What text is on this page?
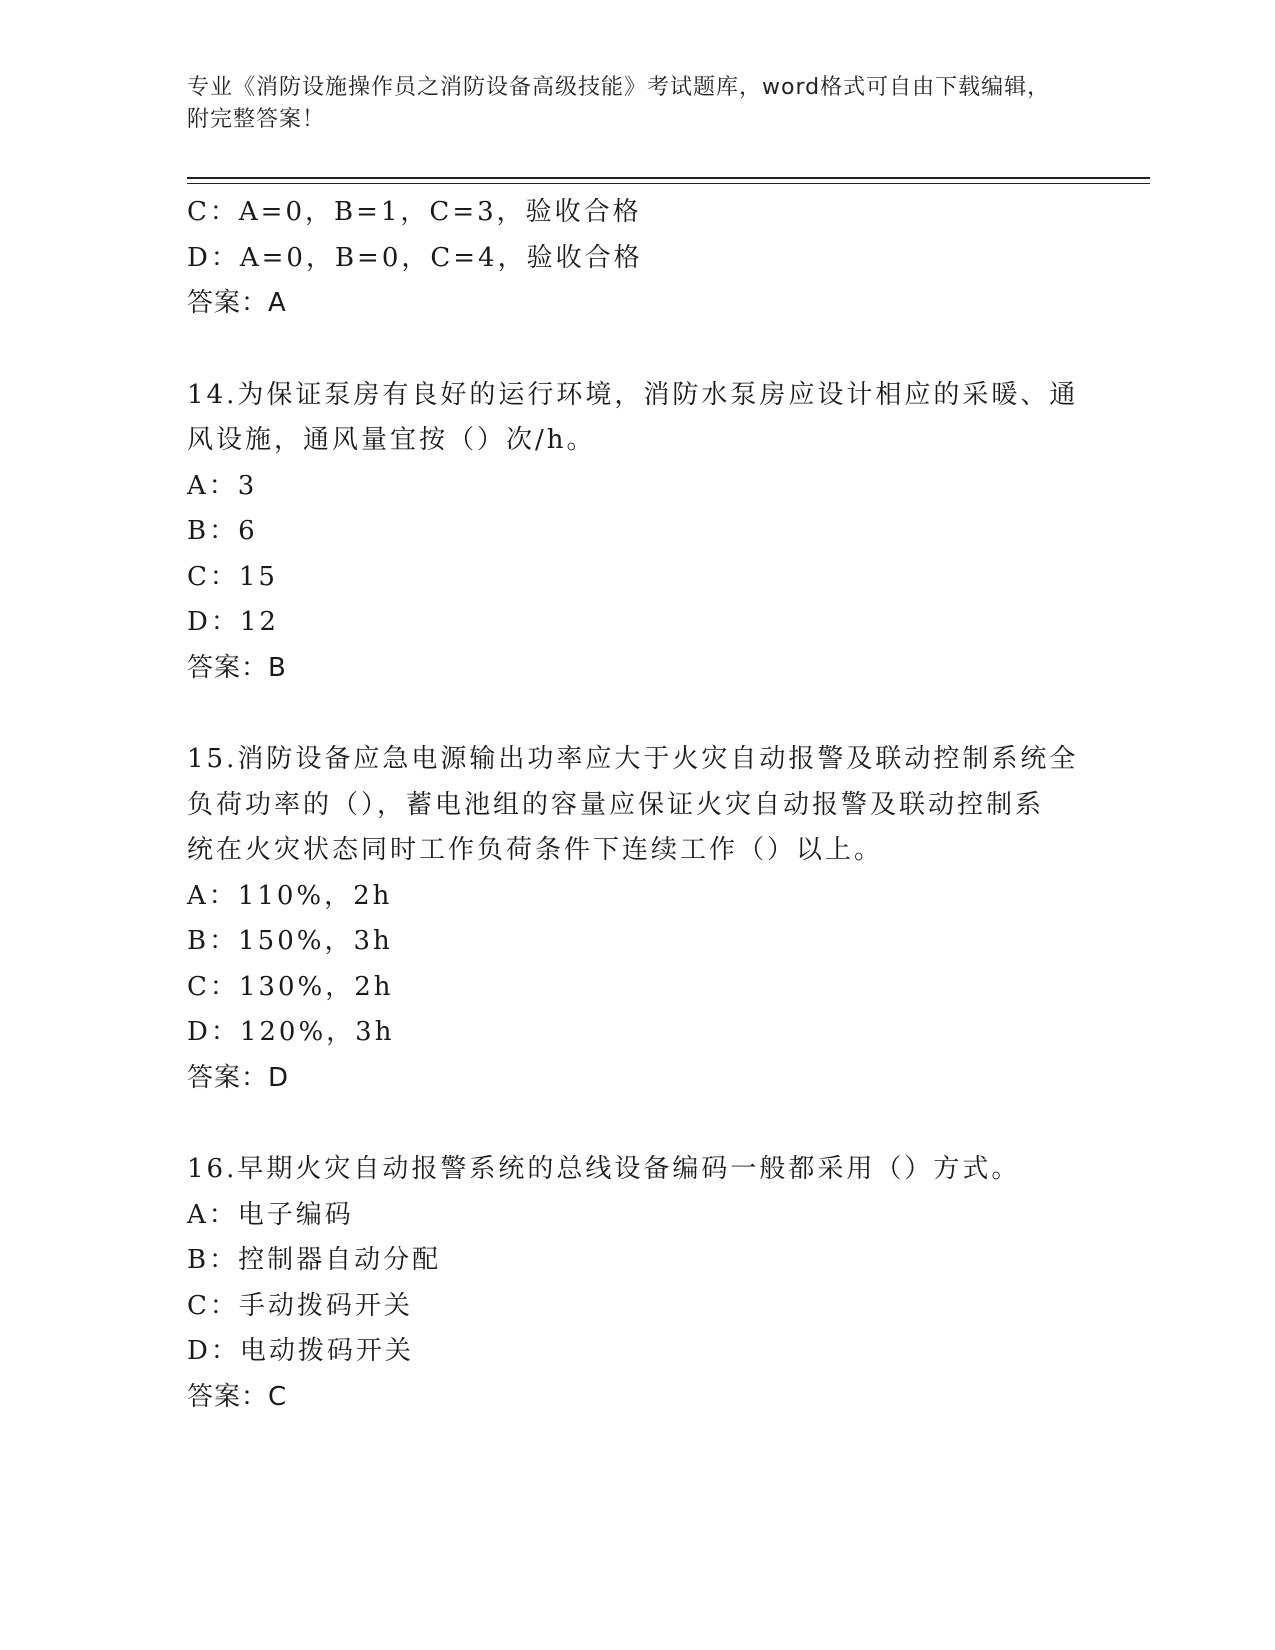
专业《消防设施操作员之消防设备高级技能》考试题库，word格式可自由下载编辑，附完整答案！
C：A=0，B=1，C=3，验收合格
D：A=0，B=0，C=4，验收合格
答案：A
14.为保证泵房有良好的运行环境，消防水泵房应设计相应的采暖、通
风设施，通风量宜按（）次/h。
A：3
B：6
C：15
D：12
答案：B
15.消防设备应急电源输出功率应大于火灾自动报警及联动控制系统全
负荷功率的（），蓄电池组的容量应保证火灾自动报警及联动控制系
统在火灾状态同时工作负荷条件下连续工作（）以上。
A：110%，2h
B：150%，3h
C：130%，2h
D：120%，3h
答案：D
16.早期火灾自动报警系统的总线设备编码一般都采用（）方式。
A：电子编码
B：控制器自动分配
C：手动拨码开关
D：电动拨码开关
答案：C
